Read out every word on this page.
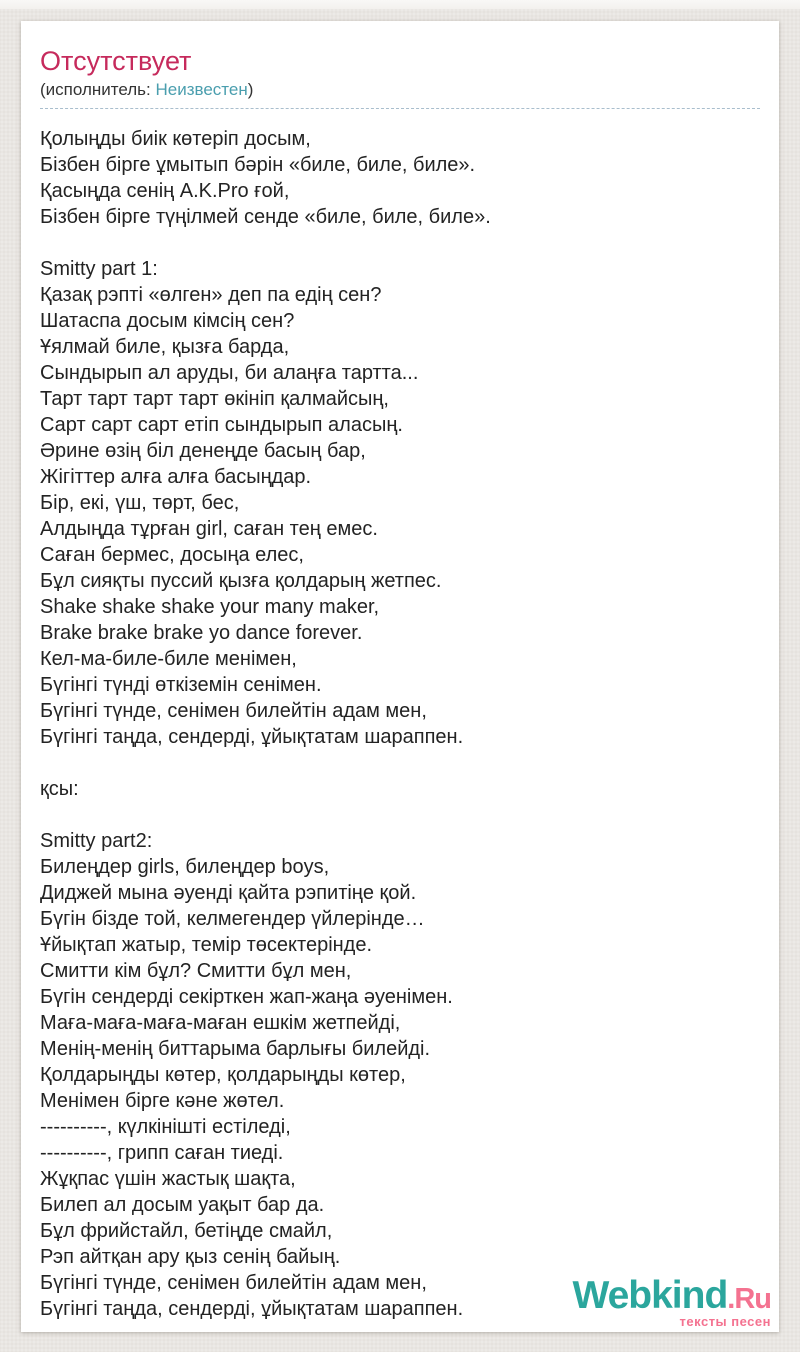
Отсутствует
(исполнитель: Неизвестен)
Қолыңды биік көтеріп досым,
Бізбен бірге ұмытып бәрін «биле, биле, биле».
Қасыңда сенің A.K.Pro ғой,
Бізбен бірге түңілмей сенде «биле, биле, биле».

Smitty part 1:
Қазақ рэпті «өлген» деп па едің сен?
Шатаспа досым кімсің сен?
Ұялмай биле, қызға барда,
Сындырып ал аруды, би алаңға тартта...
Тарт тарт тарт тарт өкініп қалмайсың,
Сарт сарт сарт етіп сындырып аласың.
Әрине өзің біл денеңде басың бар,
Жігіттер алға алға басыңдар.
Бір, екі, үш, төрт, бес,
Алдыңда тұрған girl, саған тең емес.
Саған бермес, досыңа елес,
Бұл сияқты пуссий қызға қолдарың жетпес.
Shake shake shake your many maker,
Brake brake brake yo dance forever.
Кел-ма-биле-биле менімен,
Бүгінгі түнді өткіземін сенімен.
Бүгінгі түнде, сенімен билейтін адам мен,
Бүгінгі таңда, сендерді, ұйықтатам шараппен.

қсы:

Smitty part2:
Билеңдер girls, билеңдер boys,
Диджей мына әуенді қайта рэпитіңе қой.
Бүгін бізде той, келмегендер үйлерінде…
Ұйықтап жатыр, темір төсектерінде.
Смитти кім бұл? Смитти бұл мен,
Бүгін сендерді секірткен жап-жаңа әуенімен.
Маға-маға-маға-маған ешкім жетпейді,
Менің-менің биттарыма барлығы билейді.
Қолдарыңды көтер, қолдарыңды көтер,
Менімен бірге кәне жөтел.
----------, күлкінішті естіледі,
----------, грипп саған тиеді.
Жұқпас үшін жастық шақта,
Билеп ал досым уақыт бар да.
Бұл фрийстайл, бетіңде смайл,
Рэп айтқан ару қыз сенің байың.
Бүгінгі түнде, сенімен билейтін адам мен,
Бүгінгі таңда, сендерді, ұйықтатам шараппен.	Webkind.Ru
тексты песен
